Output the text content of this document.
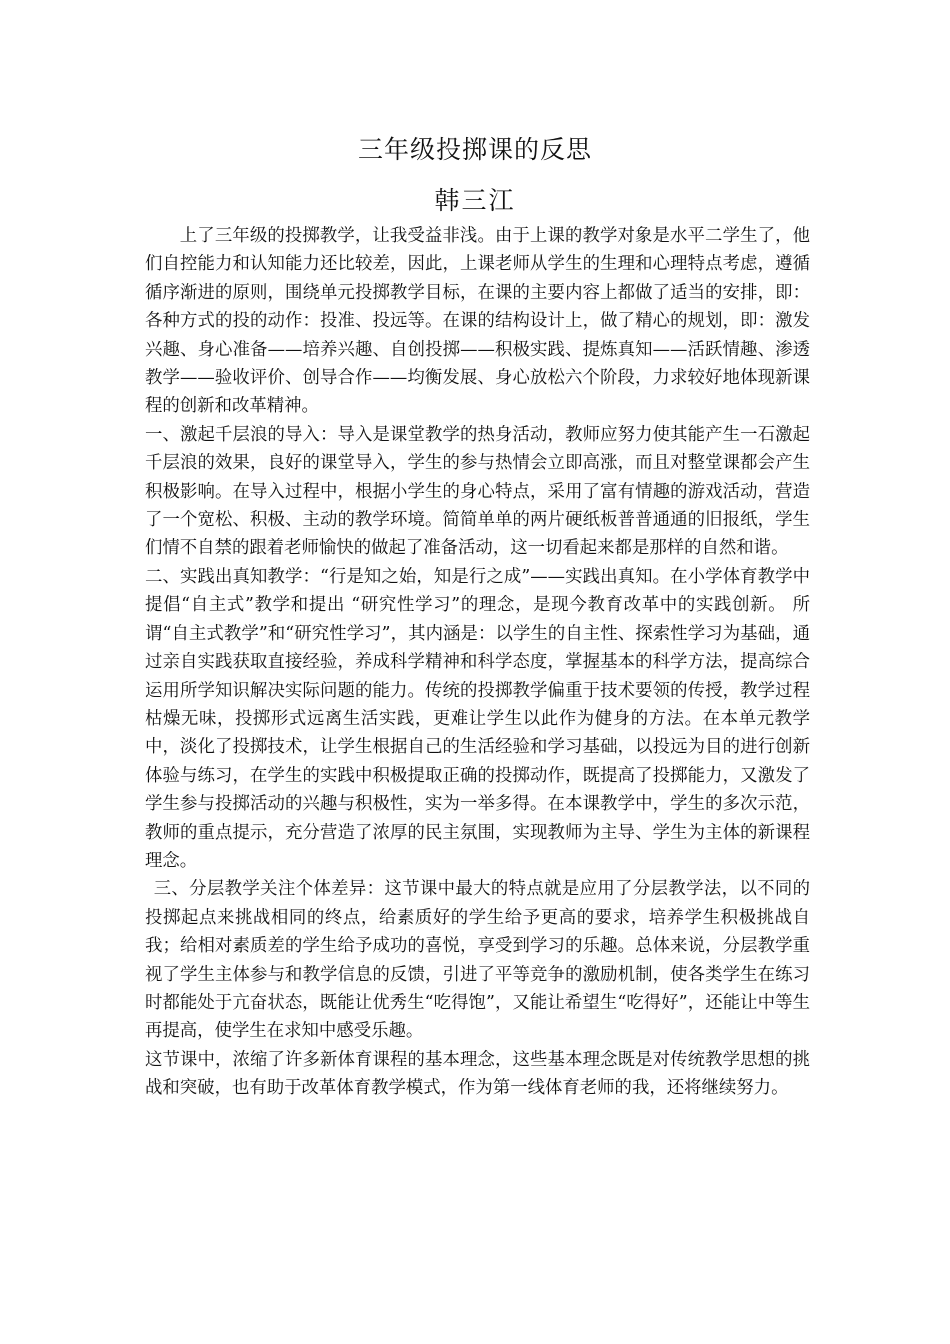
三年级投掷课的反思
韩三江

上了三年级的投掷教学，让我受益非浅。由于上课的教学对象是水平二学生了，他们自控能力和认知能力还比较差，因此，上课老师从学生的生理和心理特点考虑，遵循循序渐进的原则，围绕单元投掷教学目标，在课的主要内容上都做了适当的安排，即：各种方式的投的动作：投准、投远等。在课的结构设计上，做了精心的规划，即：激发兴趣、身心准备——培养兴趣、自创投掷——积极实践、提炼真知——活跃情趣、渗透教学——验收评价、创导合作——均衡发展、身心放松六个阶段，力求较好地体现新课程的创新和改革精神。

一、激起千层浪的导入：导入是课堂教学的热身活动，教师应努力使其能产生一石激起千层浪的效果，良好的课堂导入，学生的参与热情会立即高涨，而且对整堂课都会产生积极影响。在导入过程中，根据小学生的身心特点，采用了富有情趣的游戏活动，营造了一个宽松、积极、主动的教学环境。简简单单的两片硬纸板普普通通的旧报纸，学生们情不自禁的跟着老师愉快的做起了准备活动，这一切看起来都是那样的自然和谐。

二、实践出真知教学：“行是知之始，知是行之成”——实践出真知。在小学体育教学中提倡“自主式”教学和提出 “研究性学习”的理念，是现今教育改革中的实践创新。 所谓“自主式教学”和“研究性学习”，其内涵是：以学生的自主性、探索性学习为基础，通过亲自实践获取直接经验，养成科学精神和科学态度，掌握基本的科学方法，提高综合运用所学知识解决实际问题的能力。传统的投掷教学偏重于技术要领的传授，教学过程枯燥无味，投掷形式远离生活实践，更难让学生以此作为健身的方法。在本单元教学中，淡化了投掷技术，让学生根据自己的生活经验和学习基础，以投远为目的进行创新体验与练习，在学生的实践中积极提取正确的投掷动作，既提高了投掷能力，又激发了学生参与投掷活动的兴趣与积极性，实为一举多得。在本课教学中，学生的多次示范，教师的重点提示，充分营造了浓厚的民主氛围，实现教师为主导、学生为主体的新课程理念。

三、分层教学关注个体差异：这节课中最大的特点就是应用了分层教学法，以不同的投掷起点来挑战相同的终点，给素质好的学生给予更高的要求，培养学生积极挑战自我；给相对素质差的学生给予成功的喜悦，享受到学习的乐趣。总体来说，分层教学重视了学生主体参与和教学信息的反馈，引进了平等竞争的激励机制，使各类学生在练习时都能处于亢奋状态，既能让优秀生“吃得饱”，又能让希望生“吃得好”，还能让中等生再提高，使学生在求知中感受乐趣。

这节课中，浓缩了许多新体育课程的基本理念，这些基本理念既是对传统教学思想的挑战和突破，也有助于改革体育教学模式，作为第一线体育老师的我，还将继续努力。
